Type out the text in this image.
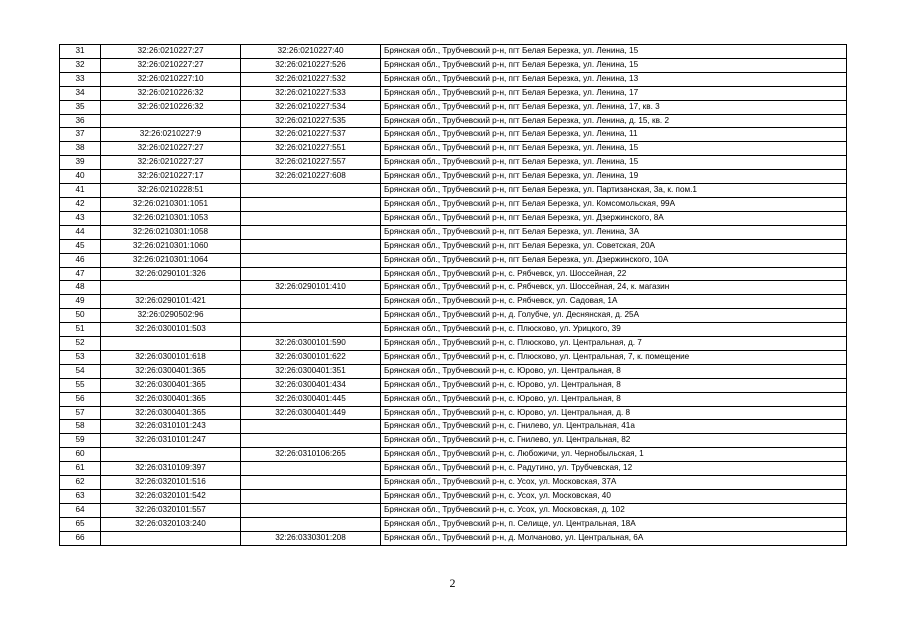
31	32:26:0210227:27	32:26:0210227:40	Брянская обл., Трубчевский р-н, пгт Белая Березка, ул. Ленина, 15
32	32:26:0210227:27	32:26:0210227:526	Брянская обл., Трубчевский р-н, пгт Белая Березка, ул. Ленина, 15
33	32:26:0210227:10	32:26:0210227:532	Брянская обл., Трубчевский р-н, пгт Белая Березка, ул. Ленина, 13
34	32:26:0210226:32	32:26:0210227:533	Брянская обл., Трубчевский р-н, пгт Белая Березка, ул. Ленина, 17
35	32:26:0210226:32	32:26:0210227:534	Брянская обл., Трубчевский р-н, пгт Белая Березка, ул. Ленина, 17, кв. 3
36		32:26:0210227:535	Брянская обл., Трубчевский р-н, пгт Белая Березка, ул. Ленина, д. 15, кв. 2
37	32:26:0210227:9	32:26:0210227:537	Брянская обл., Трубчевский р-н, пгт Белая Березка, ул. Ленина, 11
38	32:26:0210227:27	32:26:0210227:551	Брянская обл., Трубчевский р-н, пгт Белая Березка, ул. Ленина, 15
39	32:26:0210227:27	32:26:0210227:557	Брянская обл., Трубчевский р-н, пгт Белая Березка, ул. Ленина, 15
40	32:26:0210227:17	32:26:0210227:608	Брянская обл., Трубчевский р-н, пгт Белая Березка, ул. Ленина, 19
41	32:26:0210228:51		Брянская обл., Трубчевский р-н, пгт Белая Березка, ул. Партизанская, 3а, к. пом.1
42	32:26:0210301:1051		Брянская обл., Трубчевский р-н, пгт Белая Березка, ул. Комсомольская, 99А
43	32:26:0210301:1053		Брянская обл., Трубчевский р-н, пгт Белая Березка, ул. Дзержинского, 8А
44	32:26:0210301:1058		Брянская обл., Трубчевский р-н, пгт Белая Березка, ул. Ленина, 3А
45	32:26:0210301:1060		Брянская обл., Трубчевский р-н, пгт Белая Березка, ул. Советская, 20А
46	32:26:0210301:1064		Брянская обл., Трубчевский р-н, пгт Белая Березка, ул. Дзержинского, 10А
47	32:26:0290101:326		Брянская обл., Трубчевский р-н, с. Рябчевск, ул. Шоссейная, 22
48		32:26:0290101:410	Брянская обл., Трубчевский р-н, с. Рябчевск, ул. Шоссейная, 24, к. магазин
49	32:26:0290101:421		Брянская обл., Трубчевский р-н, с. Рябчевск, ул. Садовая, 1А
50	32:26:0290502:96		Брянская обл., Трубчевский р-н, д. Голубче, ул. Деснянская, д. 25А
51	32:26:0300101:503		Брянская обл., Трубчевский р-н, с. Плюсково, ул. Урицкого, 39
52		32:26:0300101:590	Брянская обл., Трубчевский р-н, с. Плюсково, ул. Центральная, д. 7
53	32:26:0300101:618	32:26:0300101:622	Брянская обл., Трубчевский р-н, с. Плюсково, ул. Центральная, 7, к. помещение
54	32:26:0300401:365	32:26:0300401:351	Брянская обл., Трубчевский р-н, с. Юрово, ул. Центральная, 8
55	32:26:0300401:365	32:26:0300401:434	Брянская обл., Трубчевский р-н, с. Юрово, ул. Центральная, 8
56	32:26:0300401:365	32:26:0300401:445	Брянская обл., Трубчевский р-н, с. Юрово, ул. Центральная, 8
57	32:26:0300401:365	32:26:0300401:449	Брянская обл., Трубчевский р-н, с. Юрово, ул. Центральная, д. 8
58	32:26:0310101:243		Брянская обл., Трубчевский р-н, с. Гнилево, ул. Центральная, 41а
59	32:26:0310101:247		Брянская обл., Трубчевский р-н, с. Гнилево, ул. Центральная, 82
60		32:26:0310106:265	Брянская обл., Трубчевский р-н, с. Любожичи, ул. Чернобыльская, 1
61	32:26:0310109:397		Брянская обл., Трубчевский р-н, с. Радутино, ул. Трубчевская, 12
62	32:26:0320101:516		Брянская обл., Трубчевский р-н, с. Усох, ул. Московская, 37А
63	32:26:0320101:542		Брянская обл., Трубчевский р-н, с. Усох, ул. Московская, 40
64	32:26:0320101:557		Брянская обл., Трубчевский р-н, с. Усох, ул. Московская, д. 102
65	32:26:0320103:240		Брянская обл., Трубчевский р-н, п. Селище, ул. Центральная, 18А
66		32:26:0330301:208	Брянская обл., Трубчевский р-н, д. Молчаново, ул. Центральная, 6А
2
